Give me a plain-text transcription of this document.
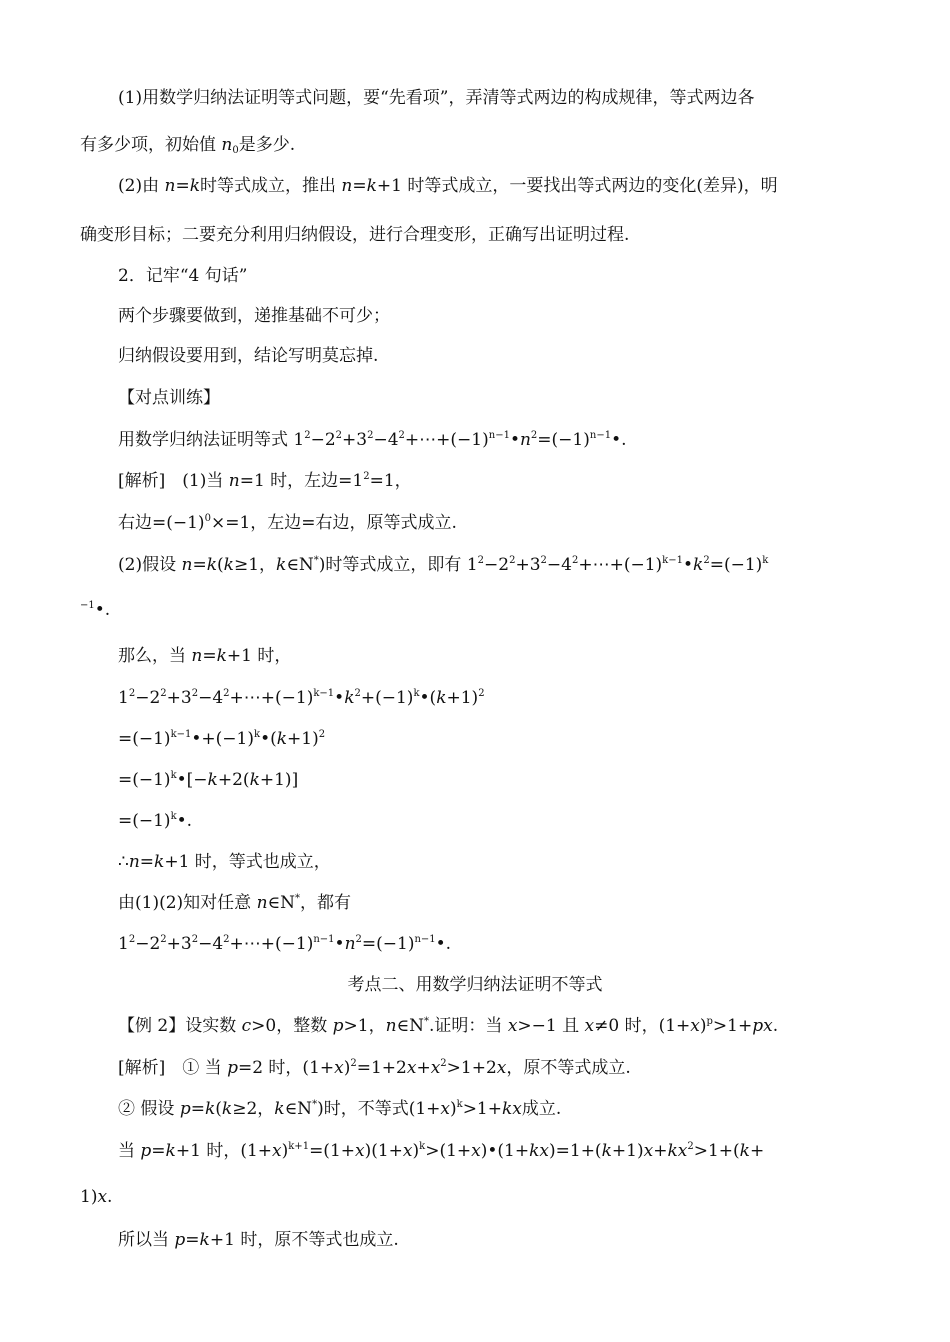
(1)用数学归纳法证明等式问题，要“先看项”，弄清等式两边的构成规律，等式两边各
有多少项，初始值 $n_0$是多少.
(2)由 n=k时等式成立，推出 n=k+1 时等式成立，一要找出等式两边的变化(差异)，明
确变形目标；二要充分利用归纳假设，进行合理变形，正确写出证明过程.
2．记牢“4 句话”
两个步骤要做到，递推基础不可少；
归纳假设要用到，结论写明莫忘掉.
【对点训练】
用数学归纳法证明等式 $1^2-2^2+3^2-4^2+\cdots+(-1)^{n-1}•n^2=(-1)^{n-1}•$.
[解析]　(1)当 n=1 时，左边$=1^2=1$，
右边$=(-1)^0\times=1$，左边=右边，原等式成立.
(2)假设 n=k(k≥1，k∈N*)时等式成立，即有 $1^2-2^2+3^2-4^2+\cdots+(-1)^{k-1}•k^2=(-1)^k$
$^{-1}$•.
那么，当 n=k+1 时，
$1^2-2^2+3^2-4^2+\cdots+(-1)^{k-1}•k^2+(-1)^k•(k+1)^2$
$=(-1)^{k-1}•+(-1)^k•(k+1)^2$
$=(-1)^k•[-k+2(k+1)]$
$=(-1)^k•$.
∴n=k+1 时，等式也成立，
由(1)(2)知对任意 n∈N*，都有
$1^2-2^2+3^2-4^2+\cdots+(-1)^{n-1}•n^2=(-1)^{n-1}•$.
考点二、用数学归纳法证明不等式
【例 2】设实数 c>0，整数 p>1，n∈N*.证明：当 x>−1 且 x≠0 时，$(1+x)^p>1+px$.
[解析]　① 当 p=2 时，$(1+x)^2=1+2x+x^2>1+2x$，原不等式成立.
② 假设 p=k(k≥2，k∈N*)时，不等式$(1+x)^k>1+kx$成立.
当 p=k+1 时，$(1+x)^{k+1}=(1+x)(1+x)^k>(1+x)•(1+kx)=1+(k+1)x+kx^2>1+(k+$
1)x.
所以当 p=k+1 时，原不等式也成立.
